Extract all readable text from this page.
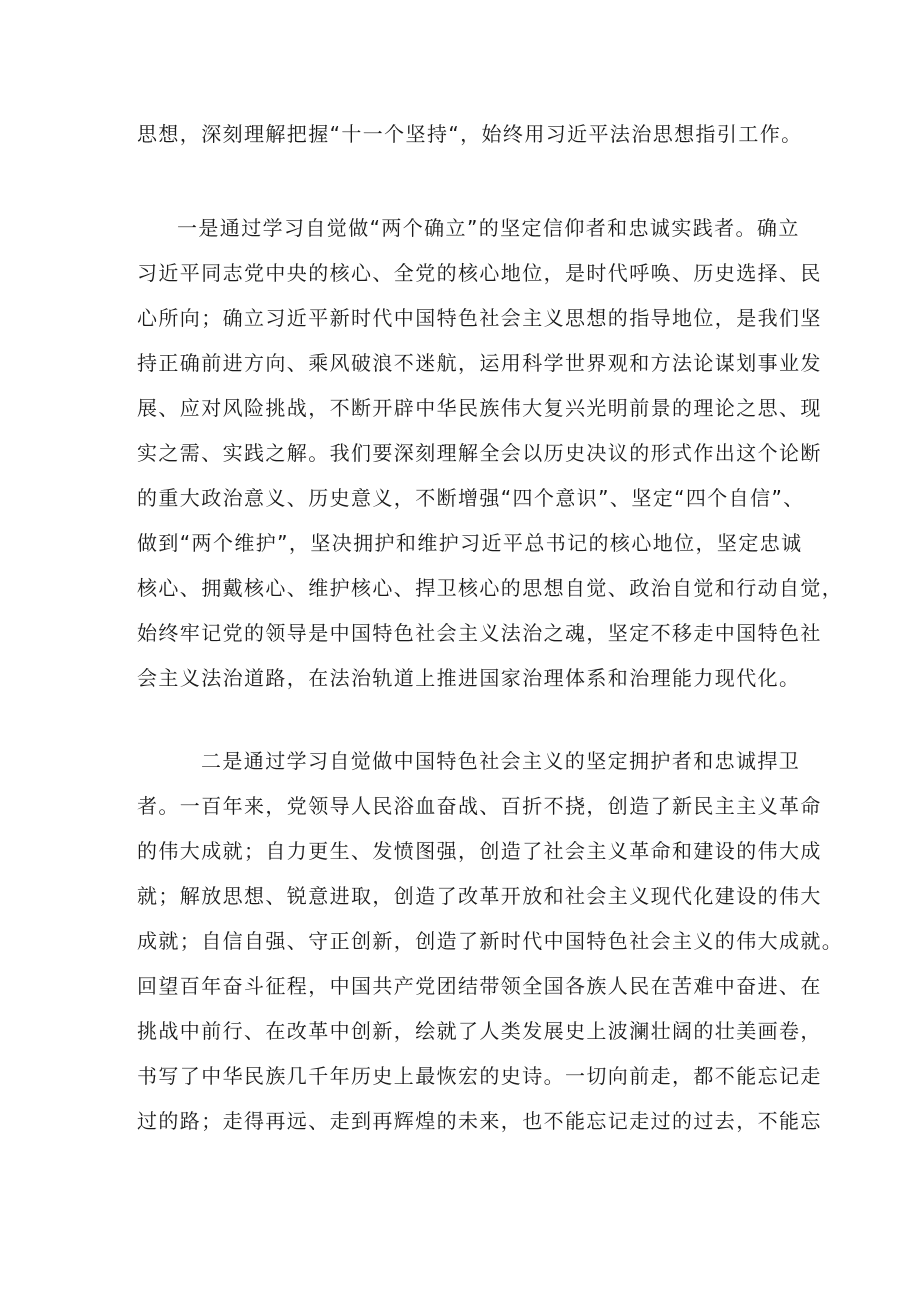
思想，深刻理解把握“十一个坚持“，始终用习近平法治思想指引工作。
一是通过学习自觉做“两个确立”的坚定信仰者和忠诚实践者。确立
习近平同志党中央的核心、全党的核心地位，是时代呼唤、历史选择、民
心所向；确立习近平新时代中国特色社会主义思想的指导地位，是我们坚
持正确前进方向、乘风破浪不迷航，运用科学世界观和方法论谋划事业发
展、应对风险挑战，不断开辟中华民族伟大复兴光明前景的理论之思、现
实之需、实践之解。我们要深刻理解全会以历史决议的形式作出这个论断
的重大政治意义、历史意义，不断增强“四个意识”、坚定“四个自信”、
做到“两个维护”，坚决拥护和维护习近平总书记的核心地位，坚定忠诚
核心、拥戴核心、维护核心、捍卫核心的思想自觉、政治自觉和行动自觉，
始终牢记党的领导是中国特色社会主义法治之魂，坚定不移走中国特色社
会主义法治道路，在法治轨道上推进国家治理体系和治理能力现代化。
二是通过学习自觉做中国特色社会主义的坚定拥护者和忠诚捍卫
者。一百年来，党领导人民浴血奋战、百折不挠，创造了新民主主义革命
的伟大成就；自力更生、发愤图强，创造了社会主义革命和建设的伟大成
就；解放思想、锐意进取，创造了改革开放和社会主义现代化建设的伟大
成就；自信自强、守正创新，创造了新时代中国特色社会主义的伟大成就。
回望百年奋斗征程，中国共产党团结带领全国各族人民在苦难中奋进、在
挑战中前行、在改革中创新，绘就了人类发展史上波澜壮阔的壮美画卷，
书写了中华民族几千年历史上最恢宏的史诗。一切向前走，都不能忘记走
过的路；走得再远、走到再辉煌的未来，也不能忘记走过的过去，不能忘
